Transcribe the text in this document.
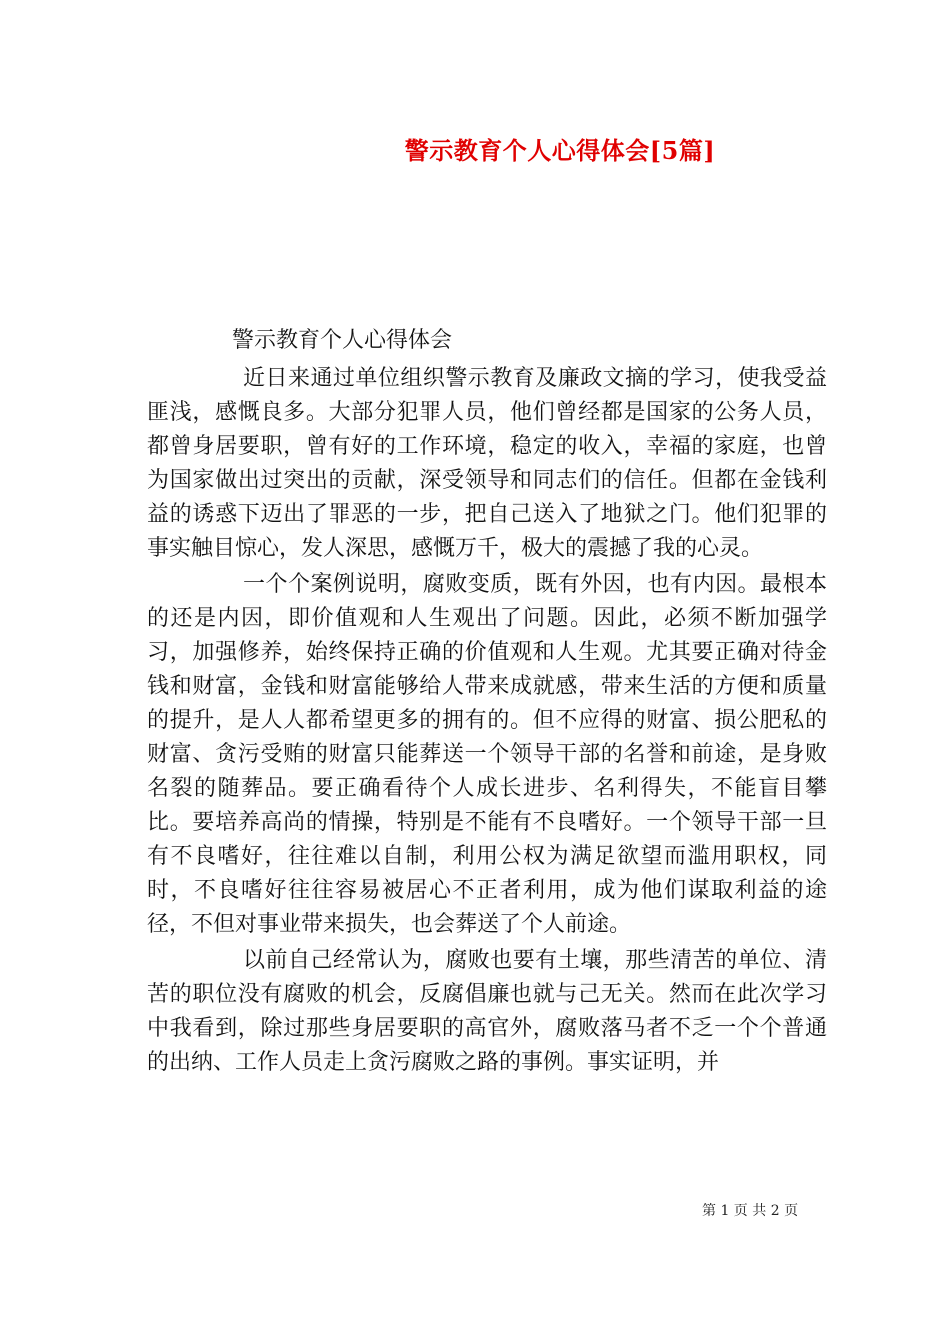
警示教育个人心得体会[5篇]
警示教育个人心得体会

近日来通过单位组织警示教育及廉政文摘的学习，使我受益匪浅，感慨良多。大部分犯罪人员，他们曾经都是国家的公务人员，都曾身居要职，曾有好的工作环境，稳定的收入，幸福的家庭，也曾为国家做出过突出的贡献，深受领导和同志们的信任。但都在金钱利益的诱惑下迈出了罪恶的一步，把自己送入了地狱之门。他们犯罪的事实触目惊心，发人深思，感慨万千，极大的震撼了我的心灵。

一个个案例说明，腐败变质，既有外因，也有内因。最根本的还是内因，即价值观和人生观出了问题。因此，必须不断加强学习，加强修养，始终保持正确的价值观和人生观。尤其要正确对待金钱和财富，金钱和财富能够给人带来成就感，带来生活的方便和质量的提升，是人人都希望更多的拥有的。但不应得的财富、损公肥私的财富、贪污受贿的财富只能葬送一个领导干部的名誉和前途，是身败名裂的随葬品。要正确看待个人成长进步、名利得失，不能盲目攀比。要培养高尚的情操，特别是不能有不良嗜好。一个领导干部一旦有不良嗜好，往往难以自制，利用公权为满足欲望而滥用职权，同时，不良嗜好往往容易被居心不正者利用，成为他们谋取利益的途径，不但对事业带来损失，也会葬送了个人前途。

以前自己经常认为，腐败也要有土壤，那些清苦的单位、清苦的职位没有腐败的机会，反腐倡廉也就与己无关。然而在此次学习中我看到，除过那些身居要职的高官外，腐败落马者不乏一个个普通的出纳、工作人员走上贪污腐败之路的事例。事实证明，并

第 1 页 共 2 页
